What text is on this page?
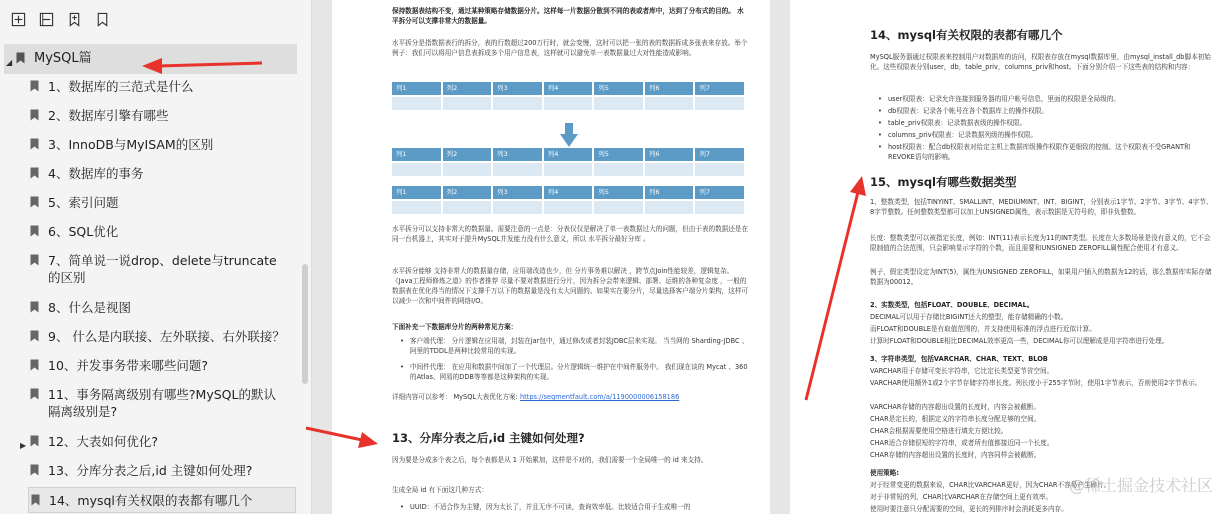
◢ MySQL篇
1、数据库的三范式是什么
2、数据库引擎有哪些
3、InnoDB与MyISAM的区别
4、数据库的事务
5、索引问题
6、SQL优化
7、简单说一说drop、delete与truncate的区别
8、什么是视图
9、 什么是内联接、左外联接、右外联接？
10、并发事务带来哪些问题?
11、事务隔离级别有哪些?MySQL的默认隔离级别是?
▶ 12、大表如何优化?
13、分库分表之后,id 主键如何处理?
14、mysql有关权限的表都有哪几个
保持数据表结构不变，通过某种策略存储数据分片。这样每一片数据分散到不同的表或者库中，达到了分布式的目的。 水平拆分可以支撑非常大的数据量。
水平拆分是指数据表行的拆分，表的行数超过200万行时，就会变慢，这时可以把一张的表的数据拆成多张表来存放。举个例子：我们可以将用户信息表拆成多个用户信息表，这样就可以避免单一表数据量过大对性能造成影响。
列1	列2	列3	列4	列5	列6	列7
列1	列2	列3	列4	列5	列6	列7
列1	列2	列3	列4	列5	列6	列7
水平拆分可以支持非常大的数据量。需要注意的一点是：分表仅仅是解决了单一表数据过大的问题，但由于表的数据还是在同一台机器上，其实对于提升MySQL并发能力没有什么意义，所以 水平拆分最好分库 。
水平拆分能够 支持非常大的数据量存储，应用端改造也少，但 分片事务难以解决 ，跨节点Join性能较差，逻辑复杂。《Java工程师修炼之道》的作者推荐 尽量不要对数据进行分片，因为拆分会带来逻辑、部署、运维的各种复杂度 ，一般的数据表在优化得当的情况下支撑千万以下的数据量是没有太大问题的。如果实在要分片，尽量选择客户端分片架构，这样可以减少一次和中间件的网络I/O。
下面补充一下数据库分片的两种常见方案：
• 客户端代理： 分片逻辑在应用端，封装在jar包中，通过修改或者封装JDBC层来实现。 当当网的 Sharding-JDBC 、阿里的TDDL是两种比较常用的实现。
• 中间件代理： 在应用和数据中间加了一个代理层。分片逻辑统一维护在中间件服务中。 我们现在谈的 Mycat 、360的Atlas、网易的DDB等等都是这种架构的实现。
详细内容可以参考： MySQL大表优化方案: https://segmentfault.com/a/1190000006158186
13、分库分表之后,id 主键如何处理?
因为要是分成多个表之后，每个表都是从 1 开始累加，这样是不对的，我们需要一个全局唯一的 id 来支持。
生成全局 id 有下面这几种方式：
• UUID：不适合作为主键，因为太长了，并且无序不可读，查询效率低。比较适合用于生成唯一的
14、mysql有关权限的表都有哪几个
MySQL服务器通过权限表来控制用户对数据库的访问，权限表存放在mysql数据库里，由mysql_install_db脚本初始化。这些权限表分别user，db，table_priv，columns_priv和host。下面分别介绍一下这些表的结构和内容：
• user权限表：记录允许连接到服务器的用户帐号信息，里面的权限是全局级的。
• db权限表：记录各个帐号在各个数据库上的操作权限。
• table_priv权限表：记录数据表级的操作权限。
• columns_priv权限表：记录数据列级的操作权限。
• host权限表：配合db权限表对给定主机上数据库级操作权限作更细致的控制。这个权限表不受GRANT和REVOKE语句的影响。
15、mysql有哪些数据类型
1、整数类型，包括TINYINT、SMALLINT、MEDIUMINT、INT、BIGINT，分别表示1字节、2字节、3字节、4字节、8字节整数。任何整数类型都可以加上UNSIGNED属性，表示数据是无符号的，即非负整数。
长度：整数类型可以被指定长度，例如：INT(11)表示长度为11的INT类型。长度在大多数场景是没有意义的，它不会限制值的合法范围，只会影响显示字符的个数，而且需要和UNSIGNED ZEROFILL属性配合使用才有意义。
例子，假定类型设定为INT(5)，属性为UNSIGNED ZEROFILL，如果用户插入的数据为12的话，那么数据库实际存储数据为00012。
2、实数类型，包括FLOAT、DOUBLE、DECIMAL。
DECIMAL可以用于存储比BIGINT还大的整型，能存储精确的小数。
而FLOAT和DOUBLE是有取值范围的，并支持使用标准的浮点进行近似计算。
计算时FLOAT和DOUBLE相比DECIMAL效率更高一些，DECIMAL你可以理解成是用字符串进行处理。
3、字符串类型，包括VARCHAR、CHAR、TEXT、BLOB
VARCHAR用于存储可变长字符串，它比定长类型更节省空间。
VARCHAR使用额外1或2个字节存储字符串长度。列长度小于255字节时，使用1字节表示，否则使用2字节表示。
VARCHAR存储的内容超出设置的长度时，内容会被截断。
CHAR是定长的，根据定义的字符串长度分配足够的空间。
CHAR会根据需要使用空格进行填充方便比较。
CHAR适合存储很短的字符串，或者所有值都接近同一个长度。
CHAR存储的内容超出设置的长度时，内容同样会被截断。
使用策略:
对于经常变更的数据来说，CHAR比VARCHAR更好，因为CHAR不容易产生碎片。
对于非常短的列，CHAR比VARCHAR在存储空间上更有效率。
使用时要注意只分配需要的空间，更长的列排序时会消耗更多内存。
@稀土掘金技术社区
